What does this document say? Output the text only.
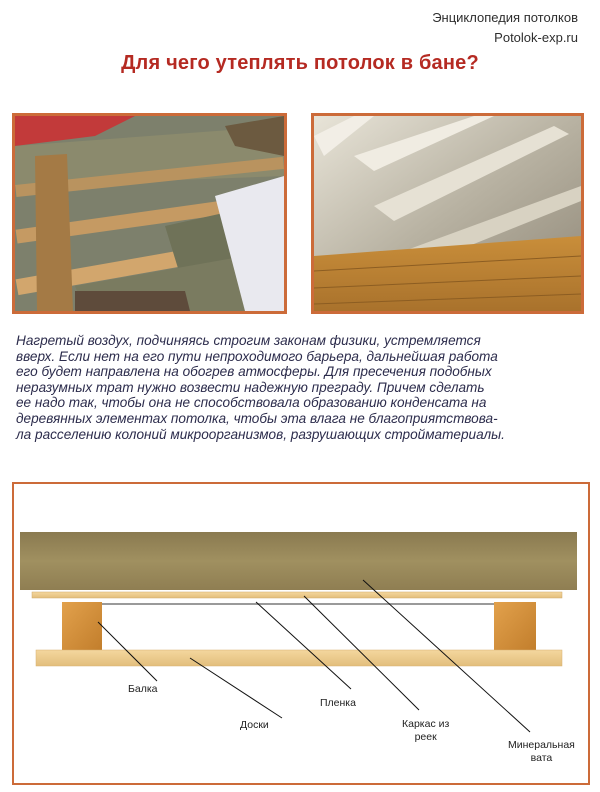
Энциклопедия потолков
Potolok-exp.ru
Для чего утеплять потолок в бане?
Нагретый воздух, подчиняясь строгим законам физики, устремляется
вверх. Если нет на его пути непроходимого барьера, дальнейшая работа
его будет направлена на обогрев атмосферы. Для пресечения подобных
неразумных трат нужно возвести надежную преграду. Причем сделать
ее надо так, чтобы она не способствовала образованию конденсата на
деревянных элементах потолка, чтобы эта влага не благоприятствова-
ла расселению колоний микроорганизмов, разрушающих стройматериалы.
Балка
Доски
Пленка
Каркас из
реек
Минеральная
вата
